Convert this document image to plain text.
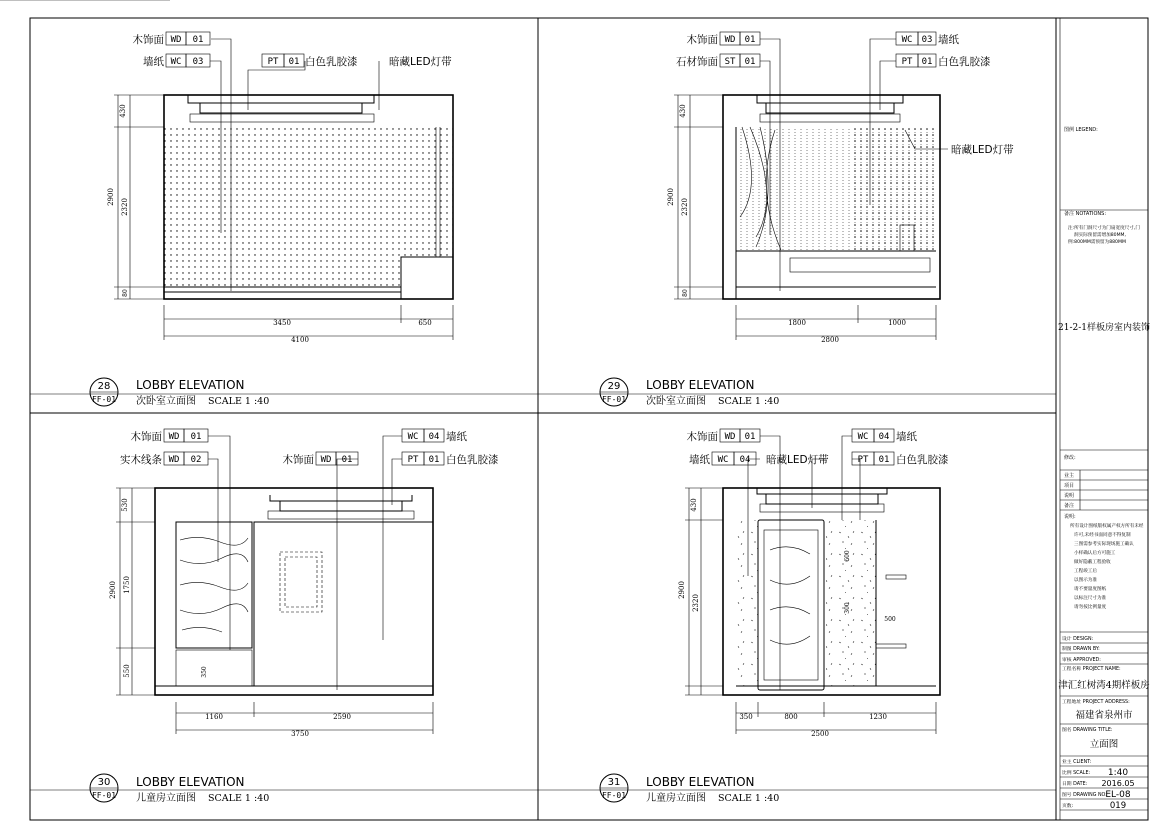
430
2900
2320
80
3450	650
4100
木饰面 WD 01
墙纸 WC 03	PT 01 白色乳胶漆	暗藏LED灯带
28
FF-01
LOBBY ELEVATION
次卧室立面图 SCALE 1 :40
430
2900
2320
80
1800	1000
2800
木饰面 WD 01
石材饰面 ST 01
WC 03 墙纸
PT 01 白色乳胶漆
暗藏LED灯带
29
FF-01
LOBBY ELEVATION
次卧室立面图 SCALE 1 :40
530
2900 1750
550	350
1160	2590
3750
木饰面 WD 01
实木线条 WD 02	木饰面 WD 01
WC 04 墙纸
PT 01 白色乳胶漆
30
FF-01
LOBBY ELEVATION
儿童房立面图 SCALE 1 :40
430
2900
2320
600
300
500
350	800	1230
2500
木饰面 WD 01
墙纸 WC 04 暗藏LED灯带
WC 04 墙纸
PT 01 白色乳胶漆
31
FF-01
LOBBY ELEVATION
儿童房立面图 SCALE 1 :40
图例 LEGEND:
备注 NOTATIONS:
注:所有门洞尺寸为门扇宽度尺寸,门
洞实际预留需增加80MM,
例:800MM需预留为880MM
21-2-1样板房室内装饰
修改:
业主
项目
说明
备注
说明:
所有设计图纸版权属产权方所有未经
许可,未经书面同意不得复制
三图需参考实际现场施工确认
小样确认后方可施工
做好隐蔽工程验收
工程竣工后
以图示为准
请不要量度图纸
以标注尺寸为准
请勿按比例量度
设计 DESIGN:
制图 DRAWN BY:
审核 APPROVED:
工程名称 PROJECT NAME:
津汇红树湾4期样板房
工程地址 PROJECT ADDRESS:
福建省泉州市
图名 DRAWING TITLE:
立面图
业主 CLIENT:
比例 SCALE: 1:40
日期 DATE: 2016.05
图号 DRAWING NO:
EL-08
页数:	019
